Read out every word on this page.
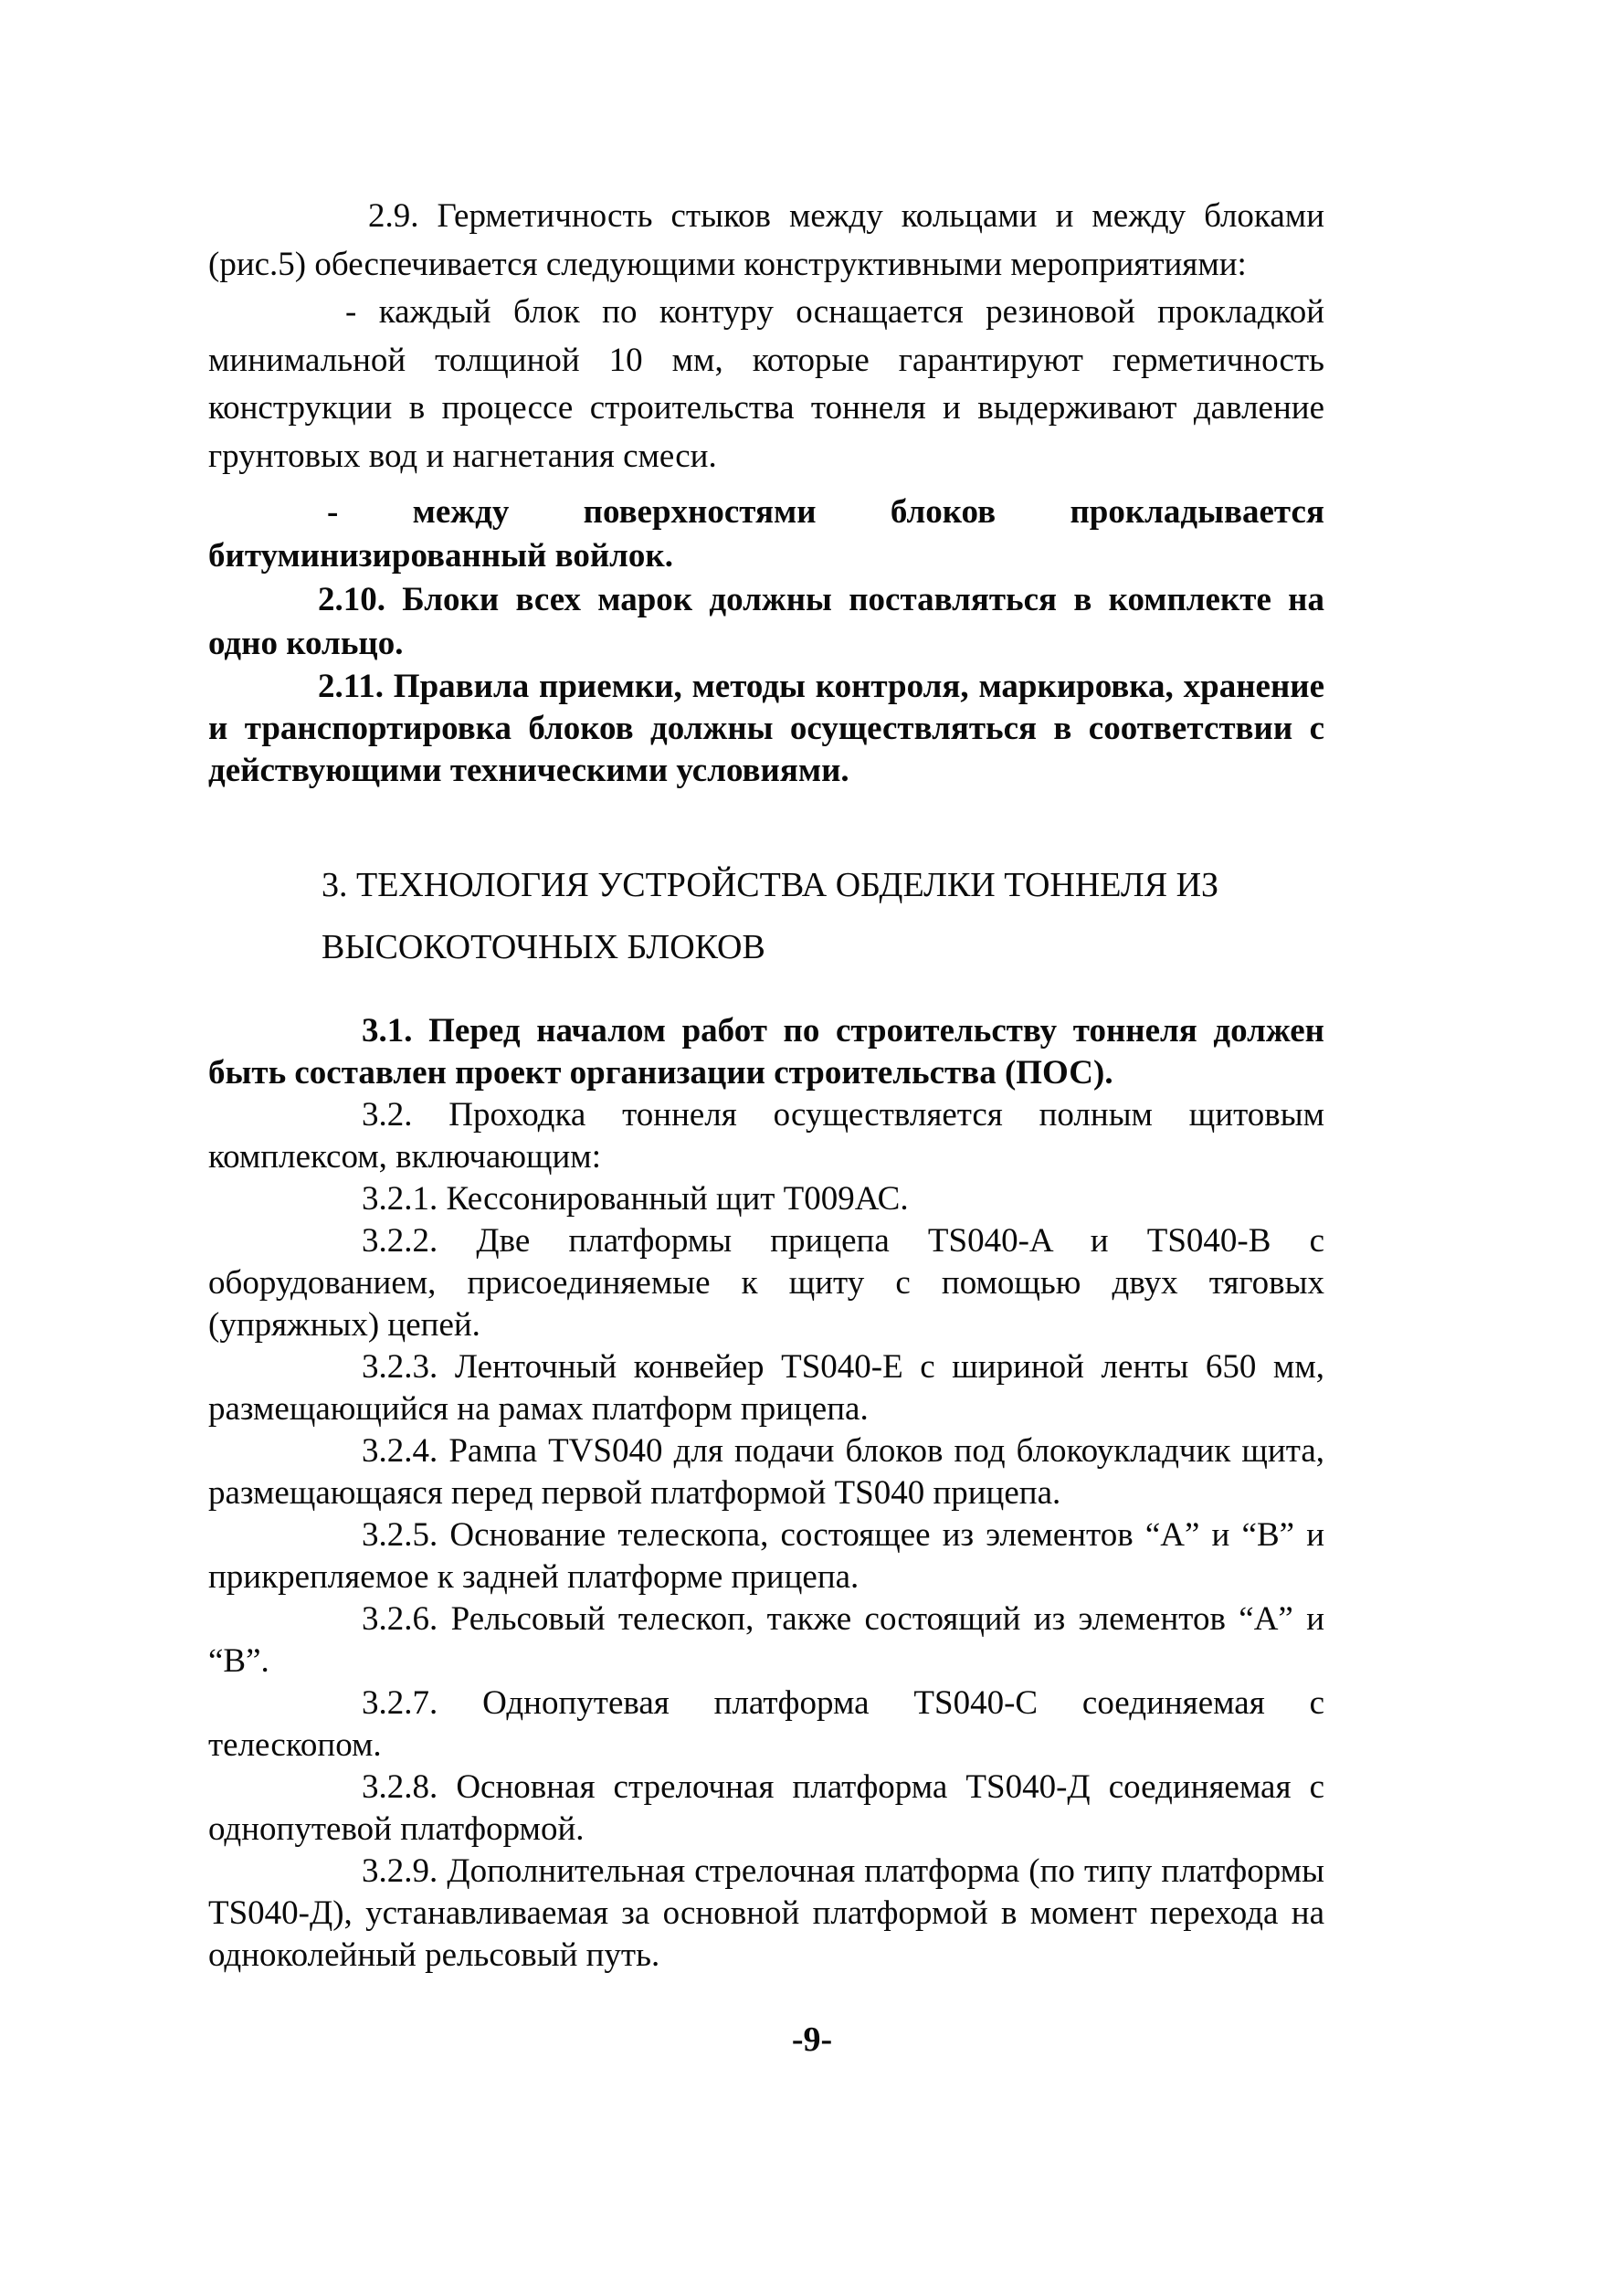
2.9. Герметичность стыков между кольцами и между блоками (рис.5) обеспечивается следующими конструктивными мероприятиями:

- каждый блок по контуру оснащается резиновой прокладкой минимальной толщиной 10 мм, которые гарантируют герметичность конструкции в процессе строительства тоннеля и выдерживают давление грунтовых вод и нагнетания смеси.

- между поверхностями блоков прокладывается битуминизированный войлок.

2.10. Блоки всех марок должны поставляться в комплекте на одно кольцо.

2.11. Правила приемки, методы контроля, маркировка, хранение и транспортировка блоков должны осуществляться в соответствии с действующими техническими условиями.

3. ТЕХНОЛОГИЯ УСТРОЙСТВА ОБДЕЛКИ ТОННЕЛЯ ИЗ
ВЫСОКОТОЧНЫХ БЛОКОВ

3.1. Перед началом работ по строительству тоннеля должен быть составлен проект организации строительства (ПОС).

3.2. Проходка тоннеля осуществляется полным щитовым комплексом, включающим:

3.2.1. Кессонированный щит Т009АС.

3.2.2. Две платформы прицепа TS040-A и TS040-B с оборудованием, присоединяемые к щиту с помощью двух тяговых (упряжных) цепей.

3.2.3. Ленточный конвейер TS040-E с шириной ленты 650 мм, размещающийся на рамах платформ прицепа.

3.2.4. Рампа TVS040 для подачи блоков под блокоукладчик щита, размещающаяся перед первой платформой TS040 прицепа.

3.2.5. Основание телескопа, состоящее из элементов “А” и “В” и прикрепляемое к задней платформе прицепа.

3.2.6. Рельсовый телескоп, также состоящий из элементов “А” и “В”.

3.2.7. Однопутевая платформа TS040-C соединяемая с телескопом.

3.2.8. Основная стрелочная платформа TS040-Д соединяемая с однопутевой платформой.

3.2.9. Дополнительная стрелочная платформа (по типу платформы TS040-Д), устанавливаемая за основной платформой в момент перехода на одноколейный рельсовый путь.

-9-
